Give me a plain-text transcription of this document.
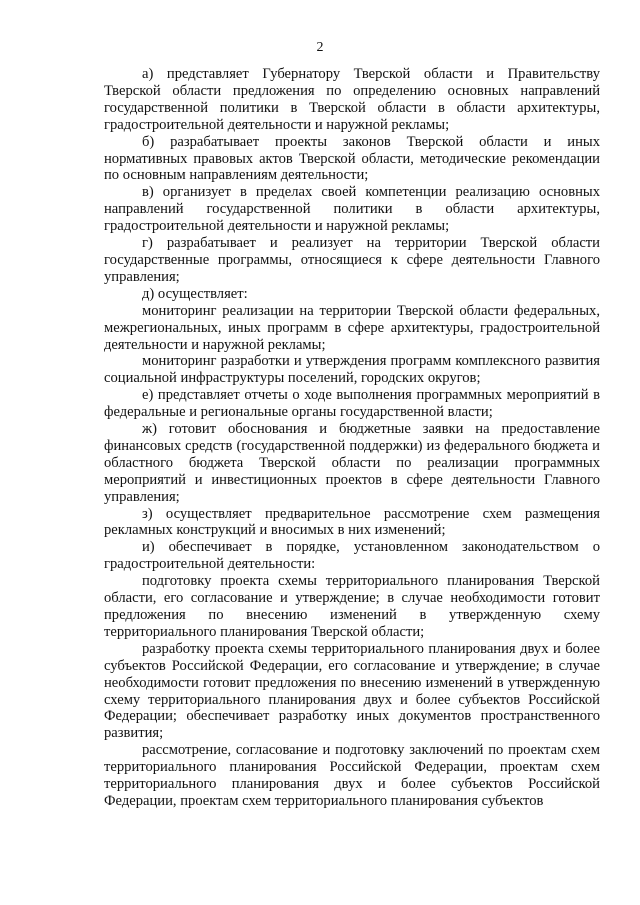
2

а) представляет Губернатору Тверской области и Правительству Тверской области предложения по определению основных направлений государственной политики в Тверской области в области архитектуры, градостроительной деятельности и наружной рекламы;

б) разрабатывает проекты законов Тверской области и иных нормативных правовых актов Тверской области, методические рекомендации по основным направлениям деятельности;

в) организует в пределах своей компетенции реализацию основных направлений государственной политики в области архитектуры, градостроительной деятельности и наружной рекламы;

г) разрабатывает и реализует на территории Тверской области государственные программы, относящиеся к сфере деятельности Главного управления;

д) осуществляет:

мониторинг реализации на территории Тверской области федеральных, межрегиональных, иных программ в сфере архитектуры, градостроительной деятельности и наружной рекламы;

мониторинг разработки и утверждения программ комплексного развития социальной инфраструктуры поселений, городских округов;

е) представляет отчеты о ходе выполнения программных мероприятий в федеральные и региональные органы государственной власти;

ж) готовит обоснования и бюджетные заявки на предоставление финансовых средств (государственной поддержки) из федерального бюджета и областного бюджета Тверской области по реализации программных мероприятий и инвестиционных проектов в сфере деятельности Главного управления;

з) осуществляет предварительное рассмотрение схем размещения рекламных конструкций и вносимых в них изменений;

и) обеспечивает в порядке, установленном законодательством о градостроительной деятельности:

подготовку проекта схемы территориального планирования Тверской области, его согласование и утверждение; в случае необходимости готовит предложения по внесению изменений в утвержденную схему территориального планирования Тверской области;

разработку проекта схемы территориального планирования двух и более субъектов Российской Федерации, его согласование и утверждение; в случае необходимости готовит предложения по внесению изменений в утвержденную схему территориального планирования двух и более субъектов Российской Федерации; обеспечивает разработку иных документов пространственного развития;

рассмотрение, согласование и подготовку заключений по проектам схем территориального планирования Российской Федерации, проектам схем территориального планирования двух и более субъектов Российской Федерации, проектам схем территориального планирования субъектов
